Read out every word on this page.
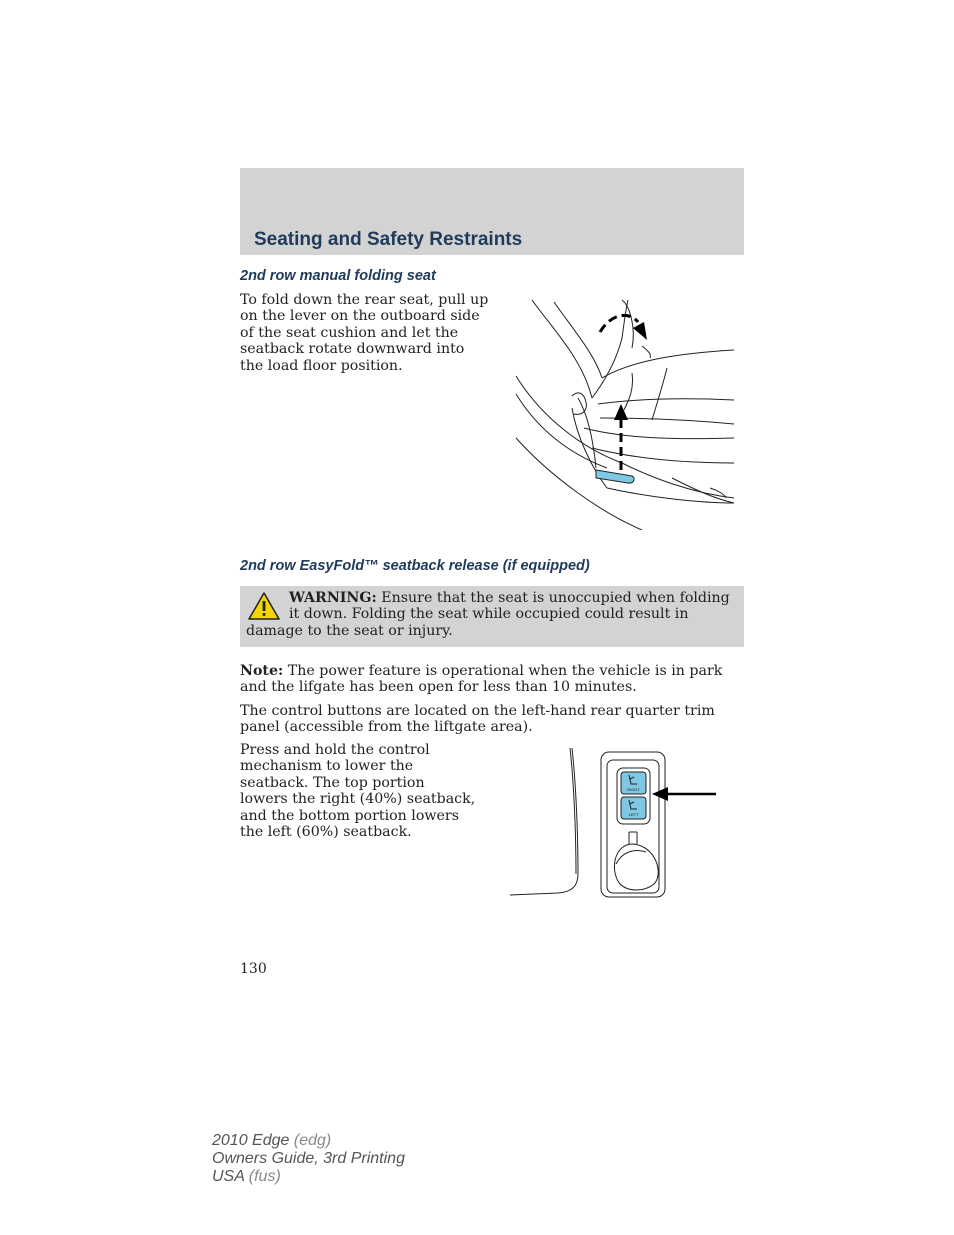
Seating and Safety Restraints
2nd row manual folding seat
To fold down the rear seat, pull up on the lever on the outboard side of the seat cushion and let the seatback rotate downward into the load floor position.
2nd row EasyFold™ seatback release (if equipped)
WARNING: Ensure that the seat is unoccupied when folding it down. Folding the seat while occupied could result in damage to the seat or injury.
Note: The power feature is operational when the vehicle is in park and the lifgate has been open for less than 10 minutes.
The control buttons are located on the left-hand rear quarter trim panel (accessible from the liftgate area).
Press and hold the control mechanism to lower the seatback. The top portion lowers the right (40%) seatback, and the bottom portion lowers the left (60%) seatback.
RIGHT
LEFT
130
2010 Edge (edg)
Owners Guide, 3rd Printing
USA (fus)
